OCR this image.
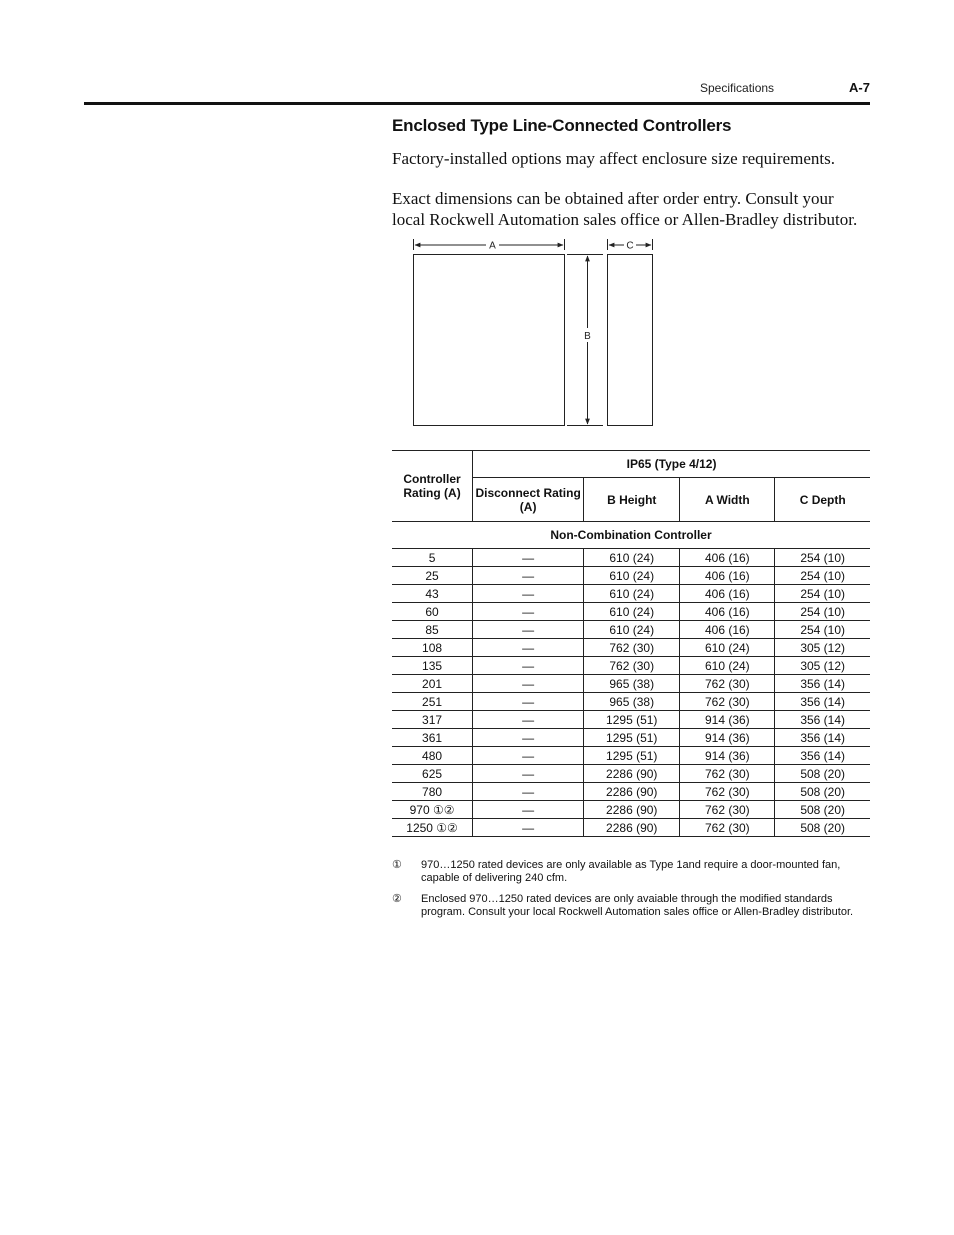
Specifications	A-7
Enclosed Type Line-Connected Controllers

Factory-installed options may affect enclosure size requirements.

Exact dimensions can be obtained after order entry. Consult your local Rockwell Automation sales office or Allen-Bradley distributor.

A	C
B
Controller Rating (A)	IP65 (Type 4/12)			
	Disconnect Rating (A)	B Height	A Width	C Depth
Non-Combination Controller				
5	—	610 (24)	406 (16)	254 (10)
25	—	610 (24)	406 (16)	254 (10)
43	—	610 (24)	406 (16)	254 (10)
60	—	610 (24)	406 (16)	254 (10)
85	—	610 (24)	406 (16)	254 (10)
108	—	762 (30)	610 (24)	305 (12)
135	—	762 (30)	610 (24)	305 (12)
201	—	965 (38)	762 (30)	356 (14)
251	—	965 (38)	762 (30)	356 (14)
317	—	1295 (51)	914 (36)	356 (14)
361	—	1295 (51)	914 (36)	356 (14)
480	—	1295 (51)	914 (36)	356 (14)
625	—	2286 (90)	762 (30)	508 (20)
780	—	2286 (90)	762 (30)	508 (20)
970 ①②	—	2286 (90)	762 (30)	508 (20)
1250 ①②	—	2286 (90)	762 (30)	508 (20)
① 970…1250 rated devices are only available as Type 1and require a door-mounted fan, capable of delivering 240 cfm.
② Enclosed 970…1250 rated devices are only avaiable through the modified standards program. Consult your local Rockwell Automation sales office or Allen-Bradley distributor.
